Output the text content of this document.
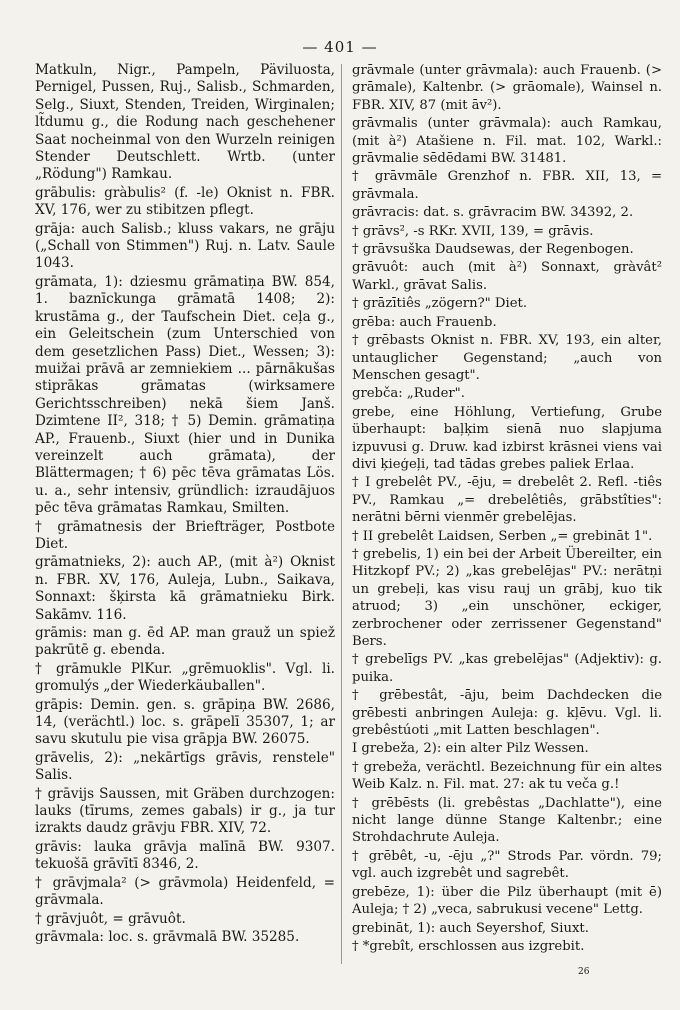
— 401 —

Matkuln, Nigr., Pampeln, Päviluosta, Pernigel, Pussen, Ruj., Salisb., Schmarden, Selg., Siuxt, Stenden, Treiden, Wirginalen; lt̃dumu g., die Rodung nach geschehener Saat nocheinmal von den Wurzeln reinigen Stender Deutschlett. Wrtb. (unter „Rödung") Ramkau.

grābulis: gràbulis² (f. -le) Oknist n. FBR. XV, 176, wer zu stibitzen pflegt.

grāja: auch Salisb.; kluss vakars, ne grāju („Schall von Stimmen") Ruj. n. Latv. Saule 1043.

grāmata, 1): dziesmu grāmatiņa BW. 854, 1. baznīckunga grāmatā 1408; 2): krustāma g., der Taufschein Diet. ceļa g., ein Geleitschein (zum Unterschied von dem gesetzlichen Pass) Diet., Wessen; 3): muižai prāvā ar zemniekiem ... pārnākušas stiprākas grāmatas (wirksamere Gerichtsschreiben) nekā šiem Janš. Dzimtene II², 318; † 5) Demin. grāmatiņa AP., Frauenb., Siuxt (hier und in Dunika vereinzelt auch grāmata), der Blättermagen; † 6) pēc tēva grāmatas Lös. u. a., sehr intensiv, gründlich: izraudājuos pēc tēva grāmatas Ramkau, Smilten.

† grāmatnesis der Briefträger, Postbote Diet.

grāmatnieks, 2): auch AP., (mit à²) Oknist n. FBR. XV, 176, Auleja, Lubn., Saikava, Sonnaxt: šķirsta kā grāmatnieku Birk. Sakāmv. 116.

grāmis: man g. ēd AP. man grauž un spiež pakrūtē g. ebenda.

† grāmukle PlKur. „grēmuoklis". Vgl. li. gromulýs „der Wiederkäuballen".

grāpis: Demin. gen. s. grāpiņa BW. 2686, 14, (verächtl.) loc. s. grāpelī 35307, 1; ar savu skutulu pie visa grāpja BW. 26075.

grāvelis, 2): „nekārtīgs grāvis, renstele" Salis.

† grāvijs Saussen, mit Gräben durchzogen: lauks (tīrums, zemes gabals) ir g., ja tur izrakts daudz grāvju FBR. XIV, 72.

grāvis: lauka grāvja malīnā BW. 9307. tekuošā grāvītī 8346, 2.

† grāvjmala² (> grāvmola) Heidenfeld, = grāvmala.

† grāvjuôt, = grāvuôt.

grāvmala: loc. s. grāvmalā BW. 35285.

grāvmale (unter grāvmala): auch Frauenb. (> grāmale), Kaltenbr. (> grāomale), Wainsel n. FBR. XIV, 87 (mit āv²).

grāvmalis (unter grāvmala): auch Ramkau, (mit à²) Atašiene n. Fil. mat. 102, Warkl.: grāvmalie sēdēdami BW. 31481.

† grāvmāle Grenzhof n. FBR. XII, 13, = grāvmala.

grāvracis: dat. s. grāvracim BW. 34392, 2.

† grāvs², -s RKr. XVII, 139, = grāvis.

† grāvsuška Daudsewas, der Regenbogen.

grāvuôt: auch (mit à²) Sonnaxt, gràvât² Warkl., grāvat Salis.

† grāzītiês „zögern?" Diet.

grēba: auch Frauenb.

† grēbasts Oknist n. FBR. XV, 193, ein alter, untauglicher Gegenstand; „auch von Menschen gesagt".

grebča: „Ruder".

grebe, eine Höhlung, Vertiefung, Grube überhaupt: baļķim sienā nuo slapjuma izpuvusi g. Druw. kad izbirst krāsnei viens vai divi ķieģeļi, tad tādas grebes paliek Erlaa.

† I grebelêt PV., -ēju, = drebelêt 2. Refl. -tiês PV., Ramkau „= drebelêtiês, grābstîties": nerātni bērni vienmēr grebelējas.

† II grebelêt Laidsen, Serben „= grebināt 1".

† grebelis, 1) ein bei der Arbeit Übereilter, ein Hitzkopf PV.; 2) „kas grebelējas" PV.: nerātņi un grebeļi, kas visu rauj un grābj, kuo tik atruod; 3) „ein unschöner, eckiger, zerbrochener oder zerrissener Gegenstand" Bers.

† grebelīgs PV. „kas grebelējas" (Adjektiv): g. puika.

† grēbestât, -āju, beim Dachdecken die grēbesti anbringen Auleja: g. kļēvu. Vgl. li. grebêstúoti „mit Latten beschlagen".

I grebeža, 2): ein alter Pilz Wessen.

† grebeža, verächtl. Bezeichnung für ein altes Weib Kalz. n. Fil. mat. 27: ak tu veča g.!

† grēbēsts (li. grebêstas „Dachlatte"), eine nicht lange dünne Stange Kaltenbr.; eine Strohdachrute Auleja.

† grēbêt, -u, -ēju „?" Strods Par. vördn. 79; vgl. auch izgrebêt und sagrebêt.

grebēze, 1): über die Pilz überhaupt (mit ē) Auleja; † 2) „veca, sabrukusi vecene" Lettg.

grebināt, 1): auch Seyershof, Siuxt.

† *grebît, erschlossen aus izgrebit.

26
